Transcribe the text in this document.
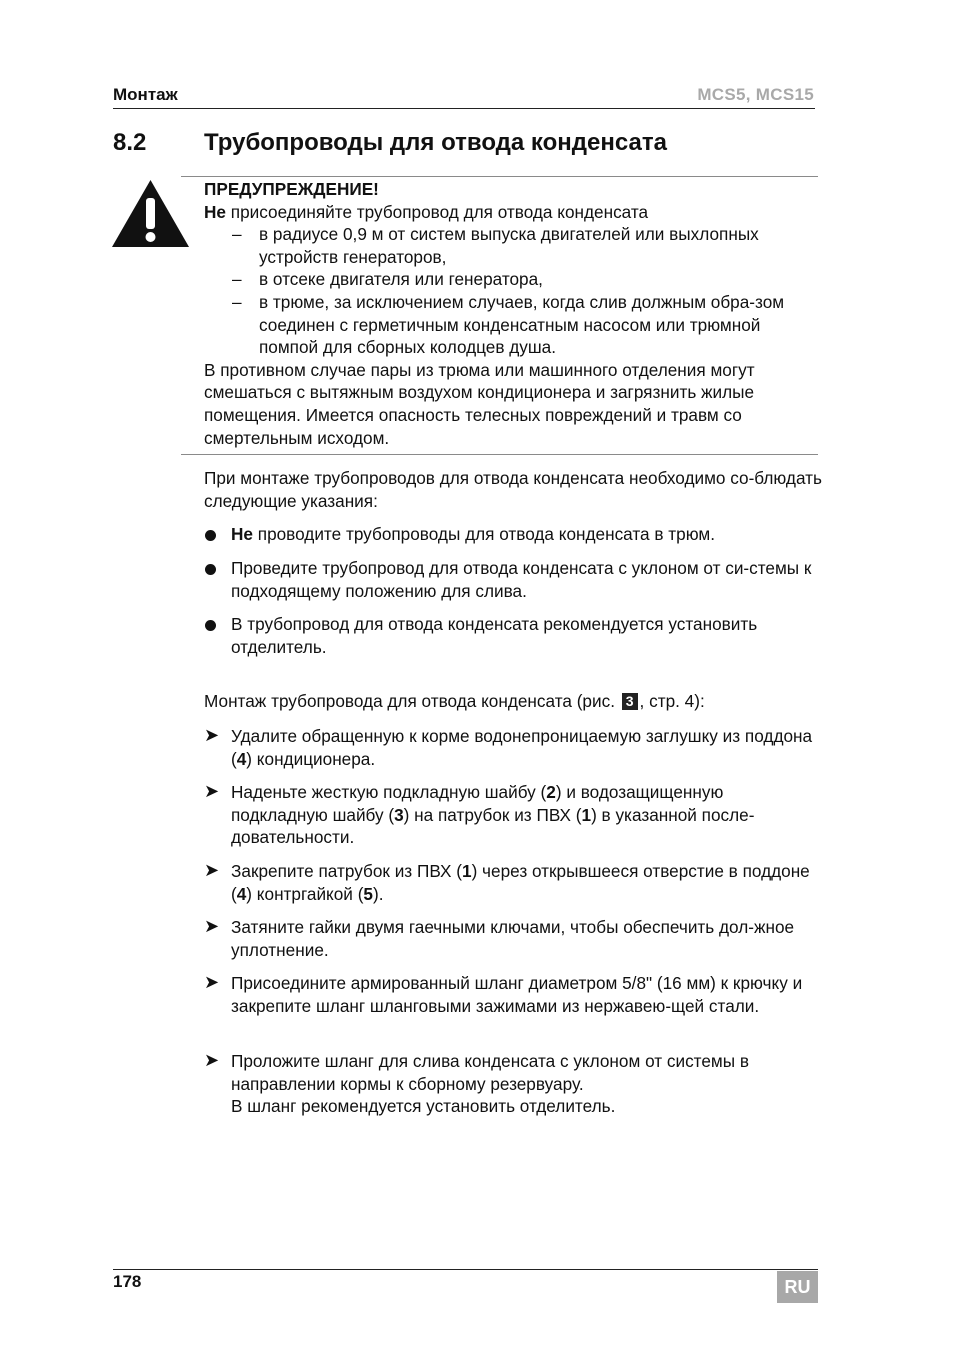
Монтаж	MCS5, MCS15
8.2 Трубопроводы для отвода конденсата
ПРЕДУПРЕЖДЕНИЕ!
Не присоединяйте трубопровод для отвода конденсата
– в радиусе 0,9 м от систем выпуска двигателей или выхлопных устройств генераторов,
– в отсеке двигателя или генератора,
– в трюме, за исключением случаев, когда слив должным обра-зом соединен с герметичным конденсатным насосом или трюмной помпой для сборных колодцев душа.
В противном случае пары из трюма или машинного отделения могут смешаться с вытяжным воздухом кондиционера и загрязнить жилые помещения. Имеется опасность телесных повреждений и травм со смертельным исходом.
При монтаже трубопроводов для отвода конденсата необходимо со-блюдать следующие указания:
Не проводите трубопроводы для отвода конденсата в трюм.
Проведите трубопровод для отвода конденсата с уклоном от си-стемы к подходящему положению для слива.
В трубопровод для отвода конденсата рекомендуется установить отделитель.
Монтаж трубопровода для отвода конденсата (рис. 3 , стр. 4):
➤ Удалите обращенную к корме водонепроницаемую заглушку из поддона (4) кондиционера.
➤ Наденьте жесткую подкладную шайбу (2) и водозащищенную подкладную шайбу (3) на патрубок из ПВХ (1) в указанной после-довательности.
➤ Закрепите патрубок из ПВХ (1) через открывшееся отверстие в поддоне (4) контргайкой (5).
➤ Затяните гайки двумя гаечными ключами, чтобы обеспечить дол-жное уплотнение.
➤ Присоедините армированный шланг диаметром 5/8" (16 мм) к крючку и закрепите шланг шланговыми зажимами из нержавею-щей стали.
➤ Проложите шланг для слива конденсата с уклоном от системы в направлении кормы к сборному резервуару.
В шланг рекомендуется установить отделитель.
178	RU
